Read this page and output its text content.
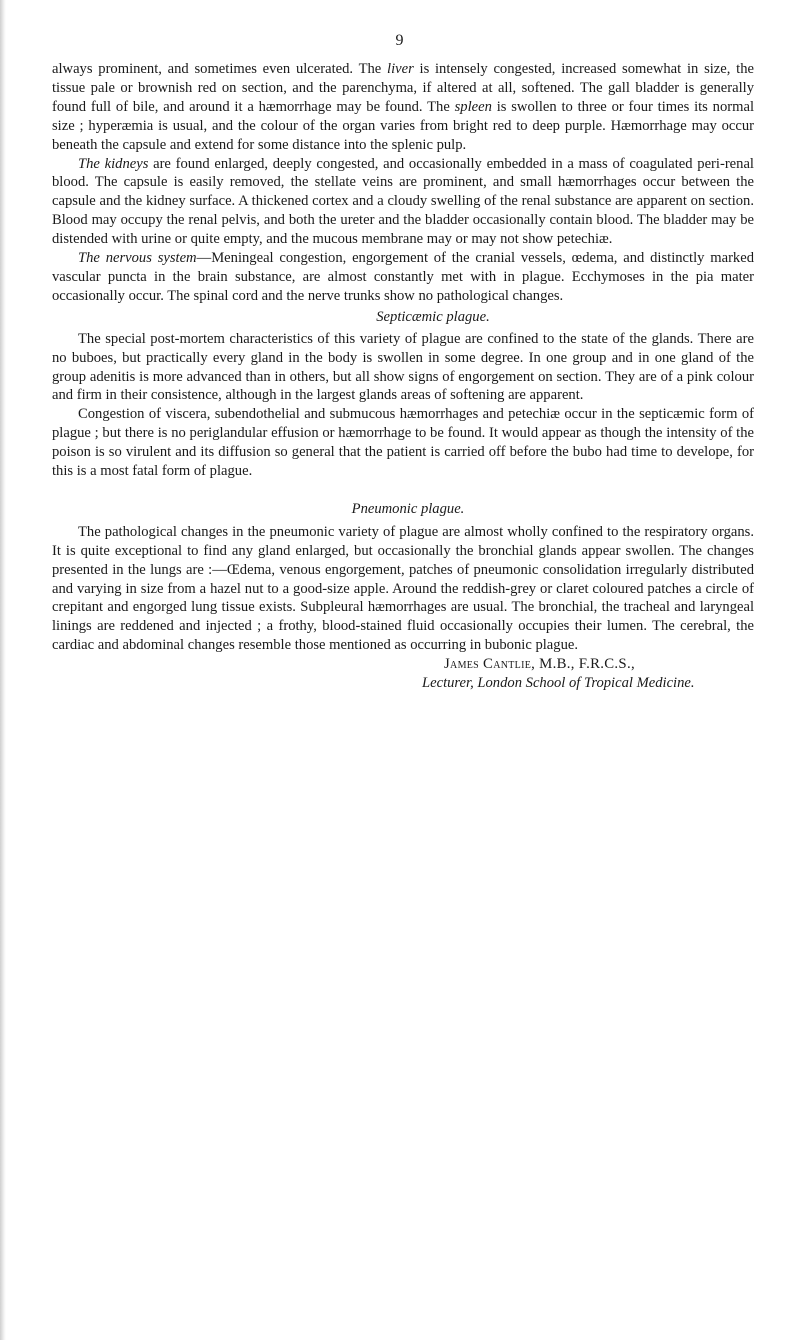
9

always prominent, and sometimes even ulcerated. The liver is intensely congested, increased somewhat in size, the tissue pale or brownish red on section, and the parenchyma, if altered at all, softened. The gall bladder is generally found full of bile, and around it a hæmorrhage may be found. The spleen is swollen to three or four times its normal size ; hyperæmia is usual, and the colour of the organ varies from bright red to deep purple. Hæmorrhage may occur beneath the capsule and extend for some distance into the splenic pulp.

The kidneys are found enlarged, deeply congested, and occasionally embedded in a mass of coagulated peri-renal blood. The capsule is easily removed, the stellate veins are prominent, and small hæmorrhages occur between the capsule and the kidney surface. A thickened cortex and a cloudy swelling of the renal substance are apparent on section. Blood may occupy the renal pelvis, and both the ureter and the bladder occasionally contain blood. The bladder may be distended with urine or quite empty, and the mucous membrane may or may not show petechiæ.

The nervous system—Meningeal congestion, engorgement of the cranial vessels, œdema, and distinctly marked vascular puncta in the brain substance, are almost constantly met with in plague. Ecchymoses in the pia mater occasionally occur. The spinal cord and the nerve trunks show no pathological changes.

Septicæmic plague.

The special post-mortem characteristics of this variety of plague are confined to the state of the glands. There are no buboes, but practically every gland in the body is swollen in some degree. In one group and in one gland of the group adenitis is more advanced than in others, but all show signs of engorgement on section. They are of a pink colour and firm in their consistence, although in the largest glands areas of softening are apparent.

Congestion of viscera, subendothelial and submucous hæmorrhages and petechiæ occur in the septicæmic form of plague ; but there is no periglandular effusion or hæmorrhage to be found. It would appear as though the intensity of the poison is so virulent and its diffusion so general that the patient is carried off before the bubo had time to develope, for this is a most fatal form of plague.

Pneumonic plague.

The pathological changes in the pneumonic variety of plague are almost wholly confined to the respiratory organs. It is quite exceptional to find any gland enlarged, but occasionally the bronchial glands appear swollen. The changes presented in the lungs are :—Œdema, venous engorgement, patches of pneumonic consolidation irregularly distributed and varying in size from a hazel nut to a good-size apple. Around the reddish-grey or claret coloured patches a circle of crepitant and engorged lung tissue exists. Subpleural hæmorrhages are usual. The bronchial, the tracheal and laryngeal linings are reddened and injected ; a frothy, blood-stained fluid occasionally occupies their lumen. The cerebral, the cardiac and abdominal changes resemble those mentioned as occurring in bubonic plague.

James Cantlie, M.B., F.R.C.S.,

Lecturer, London School of Tropical Medicine.
